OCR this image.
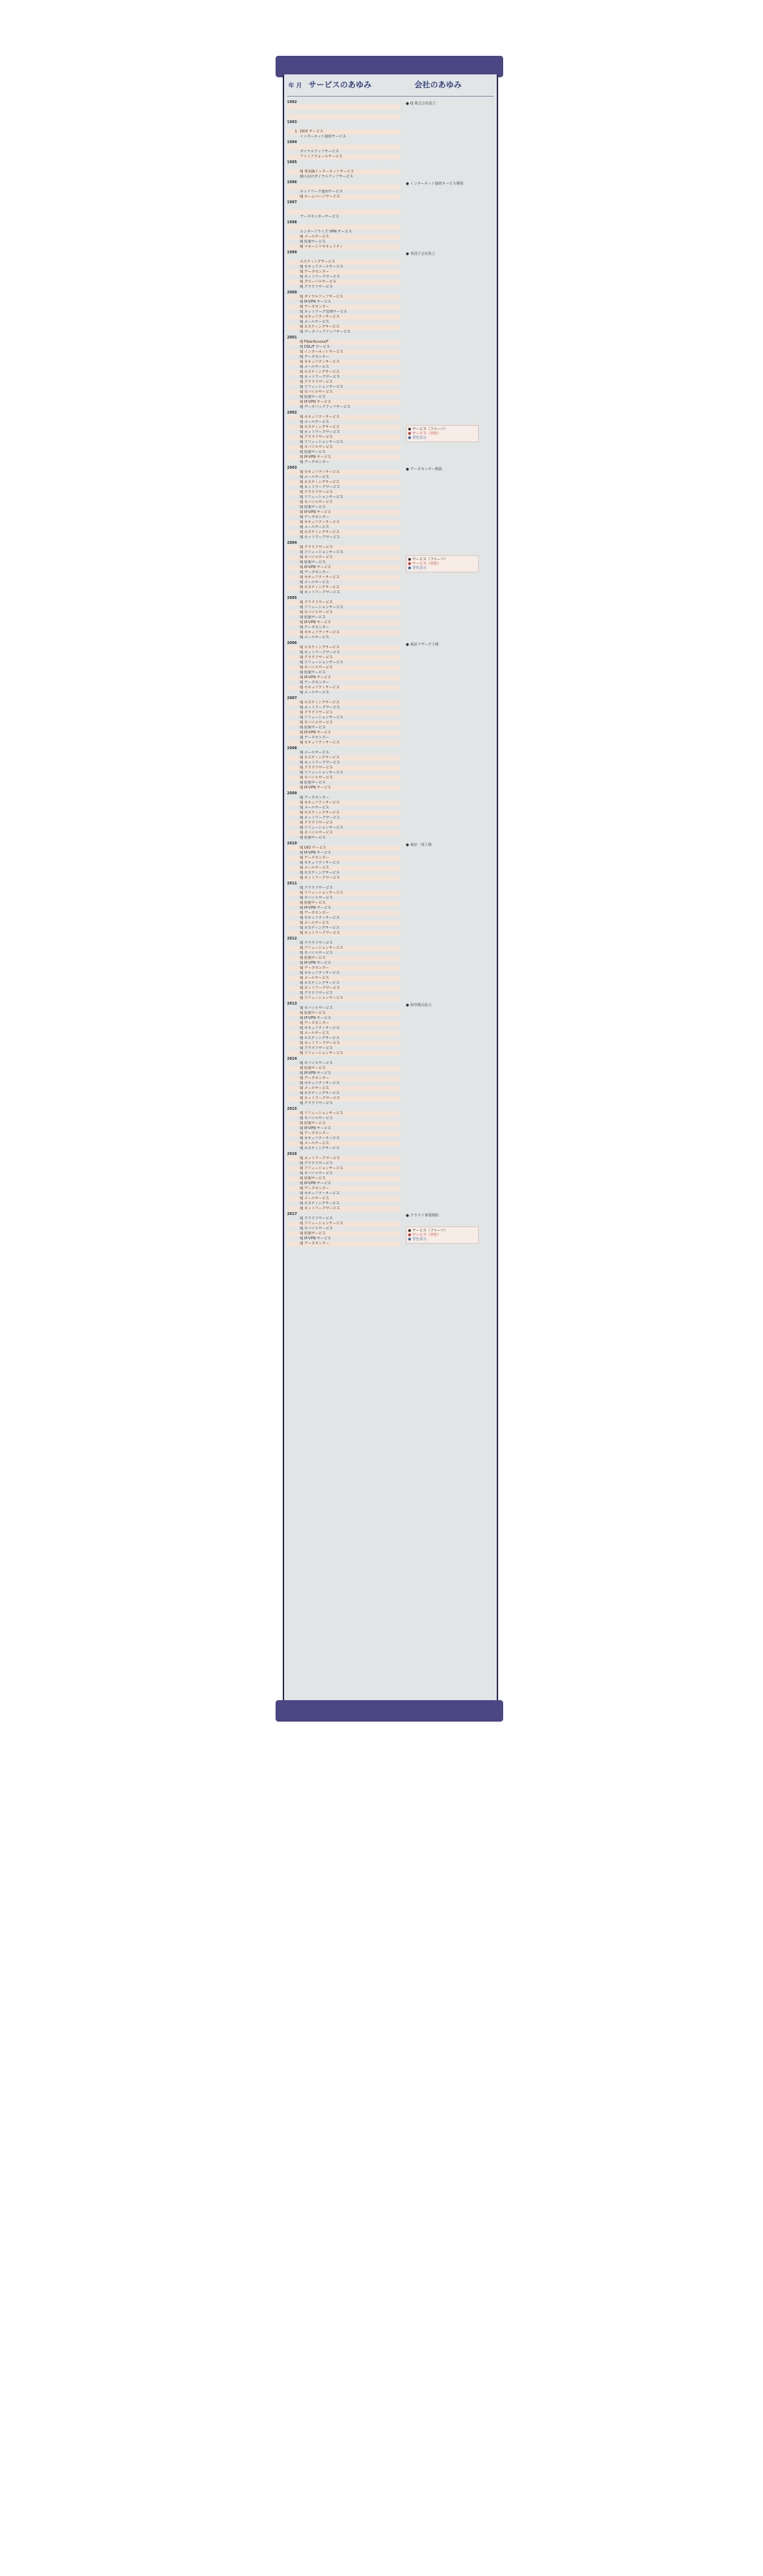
年 月 サービスのあゆみ	会社のあゆみ
1992
1993
1 DDX サービス
インターネット接続サービス
1994
ダイヤルアップサービス
ファイアウォールサービス
1995
IIJ 専用線インターネットサービス
個人向けダイヤルアップサービス
1996
ネットワーク運用サービス
IIJ ホームページサービス
1997
データセンターサービス
1998
エンタープライズ VPN サービス
IIJ メールサービス
IIJ 監視サービス
IIJ マネージドセキュリティ
1999
ホスティングサービス
IIJ セキュアメールサービス
IIJ データセンター
IIJ ネットワークサービス
IIJ グローバルサービス
IIJ クラウドサービス
2000
IIJ ダイヤルアップサービス
IIJ IP-VPN サービス
IIJ データセンター
IIJ ネットワーク管理サービス
IIJ セキュリティサービス
IIJ メールサービス
IIJ ホスティングサービス
IIJ データバックアップサービス
2001
IIJ FiberAccess/F
IIJ DSL/F サービス
IIJ インターネットサービス
IIJ データセンター
IIJ セキュリティサービス
IIJ メールサービス
IIJ ホスティングサービス
IIJ ネットワークサービス
IIJ クラウドサービス
IIJ ソリューションサービス
IIJ モバイルサービス
IIJ 監視サービス
IIJ IP-VPN サービス
IIJ データバックアップサービス
2002
IIJ セキュリティサービス
IIJ メールサービス
IIJ ホスティングサービス
IIJ ネットワークサービス
IIJ クラウドサービス
IIJ ソリューションサービス
IIJ モバイルサービス
IIJ 監視サービス
IIJ IP-VPN サービス
IIJ データセンター
2003
IIJ セキュリティサービス
IIJ メールサービス
IIJ ホスティングサービス
IIJ ネットワークサービス
IIJ クラウドサービス
IIJ ソリューションサービス
IIJ モバイルサービス
IIJ 監視サービス
IIJ IP-VPN サービス
IIJ データセンター
IIJ セキュリティサービス
IIJ メールサービス
IIJ ホスティングサービス
IIJ ネットワークサービス
2004
IIJ クラウドサービス
IIJ ソリューションサービス
IIJ モバイルサービス
IIJ 監視サービス
IIJ IP-VPN サービス
IIJ データセンター
IIJ セキュリティサービス
IIJ メールサービス
IIJ ホスティングサービス
IIJ ネットワークサービス
2005
IIJ クラウドサービス
IIJ ソリューションサービス
IIJ モバイルサービス
IIJ 監視サービス
IIJ IP-VPN サービス
IIJ データセンター
IIJ セキュリティサービス
IIJ メールサービス
2006
IIJ ホスティングサービス
IIJ ネットワークサービス
IIJ クラウドサービス
IIJ ソリューションサービス
IIJ モバイルサービス
IIJ 監視サービス
IIJ IP-VPN サービス
IIJ データセンター
IIJ セキュリティサービス
IIJ メールサービス
2007
IIJ ホスティングサービス
IIJ ネットワークサービス
IIJ クラウドサービス
IIJ ソリューションサービス
IIJ モバイルサービス
IIJ 監視サービス
IIJ IP-VPN サービス
IIJ データセンター
IIJ セキュリティサービス
2008
IIJ メールサービス
IIJ ホスティングサービス
IIJ ネットワークサービス
IIJ クラウドサービス
IIJ ソリューションサービス
IIJ モバイルサービス
IIJ 監視サービス
IIJ IP-VPN サービス
2009
IIJ データセンター
IIJ セキュリティサービス
IIJ メールサービス
IIJ ホスティングサービス
IIJ ネットワークサービス
IIJ クラウドサービス
IIJ ソリューションサービス
IIJ モバイルサービス
IIJ 監視サービス
2010
IIJ GIO サービス
IIJ IP-VPN サービス
IIJ データセンター
IIJ セキュリティサービス
IIJ メールサービス
IIJ ホスティングサービス
IIJ ネットワークサービス
2011
IIJ クラウドサービス
IIJ ソリューションサービス
IIJ モバイルサービス
IIJ 監視サービス
IIJ IP-VPN サービス
IIJ データセンター
IIJ セキュリティサービス
IIJ メールサービス
IIJ ホスティングサービス
IIJ ネットワークサービス
2012
IIJ クラウドサービス
IIJ ソリューションサービス
IIJ モバイルサービス
IIJ 監視サービス
IIJ IP-VPN サービス
IIJ データセンター
IIJ セキュリティサービス
IIJ メールサービス
IIJ ホスティングサービス
IIJ ネットワークサービス
IIJ クラウドサービス
IIJ ソリューションサービス
2013
IIJ モバイルサービス
IIJ 監視サービス
IIJ IP-VPN サービス
IIJ データセンター
IIJ セキュリティサービス
IIJ メールサービス
IIJ ホスティングサービス
IIJ ネットワークサービス
IIJ クラウドサービス
IIJ ソリューションサービス
2014
IIJ モバイルサービス
IIJ 監視サービス
IIJ IP-VPN サービス
IIJ データセンター
IIJ セキュリティサービス
IIJ メールサービス
IIJ ホスティングサービス
IIJ ネットワークサービス
IIJ クラウドサービス
2015
IIJ ソリューションサービス
IIJ モバイルサービス
IIJ 監視サービス
IIJ IP-VPN サービス
IIJ データセンター
IIJ セキュリティサービス
IIJ メールサービス
IIJ ホスティングサービス
2016
IIJ ネットワークサービス
IIJ クラウドサービス
IIJ ソリューションサービス
IIJ モバイルサービス
IIJ 監視サービス
IIJ IP-VPN サービス
IIJ データセンター
IIJ セキュリティサービス
IIJ メールサービス
IIJ ホスティングサービス
IIJ ネットワークサービス
2017
IIJ クラウドサービス
IIJ ソリューションサービス
IIJ モバイルサービス
IIJ 監視サービス
IIJ IP-VPN サービス
IIJ データセンター
● IIJ 株式会社設立
● インターネット接続サービス開始
● 米国子会社設立
● データセンター開設
● 東証マザーズ上場
● 東証一部上場
● 海外拠点拡大
● クラウド事業開始
● サービス（フルーツ）
● サービス（赤色）
● 青色表示
● サービス（フルーツ）
● サービス（赤色）
● 青色表示
● サービス（フルーツ）
● サービス（赤色）
● 青色表示
